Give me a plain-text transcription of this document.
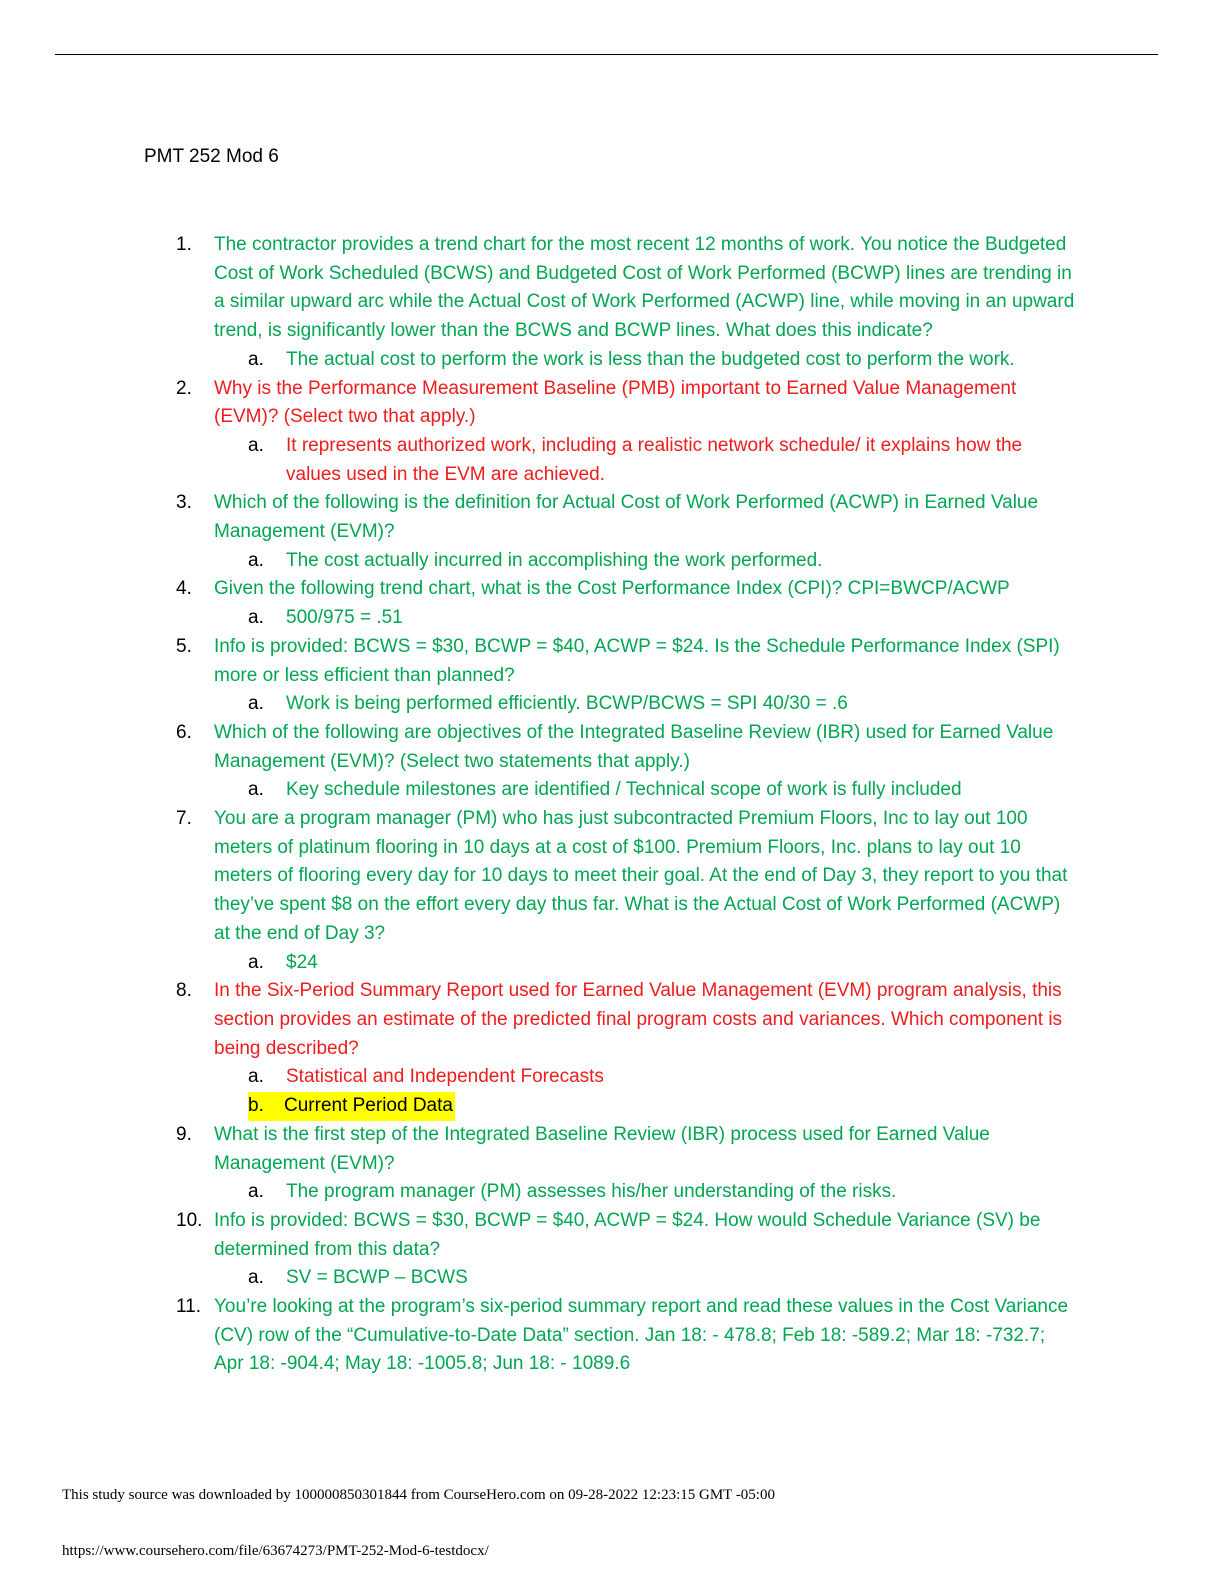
PMT 252 Mod 6
1. The contractor provides a trend chart for the most recent 12 months of work. You notice the Budgeted Cost of Work Scheduled (BCWS) and Budgeted Cost of Work Performed (BCWP) lines are trending in a similar upward arc while the Actual Cost of Work Performed (ACWP) line, while moving in an upward trend, is significantly lower than the BCWS and BCWP lines. What does this indicate?
a. The actual cost to perform the work is less than the budgeted cost to perform the work.
2. Why is the Performance Measurement Baseline (PMB) important to Earned Value Management (EVM)? (Select two that apply.)
a. It represents authorized work, including a realistic network schedule/ it explains how the values used in the EVM are achieved.
3. Which of the following is the definition for Actual Cost of Work Performed (ACWP) in Earned Value Management (EVM)?
a. The cost actually incurred in accomplishing the work performed.
4. Given the following trend chart, what is the Cost Performance Index (CPI)? CPI=BWCP/ACWP
a. 500/975 = .51
5. Info is provided: BCWS = $30, BCWP = $40, ACWP = $24. Is the Schedule Performance Index (SPI) more or less efficient than planned?
a. Work is being performed efficiently. BCWP/BCWS = SPI 40/30 = .6
6. Which of the following are objectives of the Integrated Baseline Review (IBR) used for Earned Value Management (EVM)? (Select two statements that apply.)
a. Key schedule milestones are identified / Technical scope of work is fully included
7. You are a program manager (PM) who has just subcontracted Premium Floors, Inc to lay out 100 meters of platinum flooring in 10 days at a cost of $100. Premium Floors, Inc. plans to lay out 10 meters of flooring every day for 10 days to meet their goal. At the end of Day 3, they report to you that they’ve spent $8 on the effort every day thus far. What is the Actual Cost of Work Performed (ACWP) at the end of Day 3?
a. $24
8. In the Six-Period Summary Report used for Earned Value Management (EVM) program analysis, this section provides an estimate of the predicted final program costs and variances. Which component is being described?
a. Statistical and Independent Forecasts
b. Current Period Data
9. What is the first step of the Integrated Baseline Review (IBR) process used for Earned Value Management (EVM)?
a. The program manager (PM) assesses his/her understanding of the risks.
10. Info is provided: BCWS = $30, BCWP = $40, ACWP = $24. How would Schedule Variance (SV) be determined from this data?
a. SV = BCWP – BCWS
11. You’re looking at the program’s six-period summary report and read these values in the Cost Variance (CV) row of the “Cumulative-to-Date Data” section. Jan 18: - 478.8; Feb 18: -589.2; Mar 18: -732.7; Apr 18: -904.4; May 18: -1005.8; Jun 18: - 1089.6
This study source was downloaded by 100000850301844 from CourseHero.com on 09-28-2022 12:23:15 GMT -05:00
https://www.coursehero.com/file/63674273/PMT-252-Mod-6-testdocx/
